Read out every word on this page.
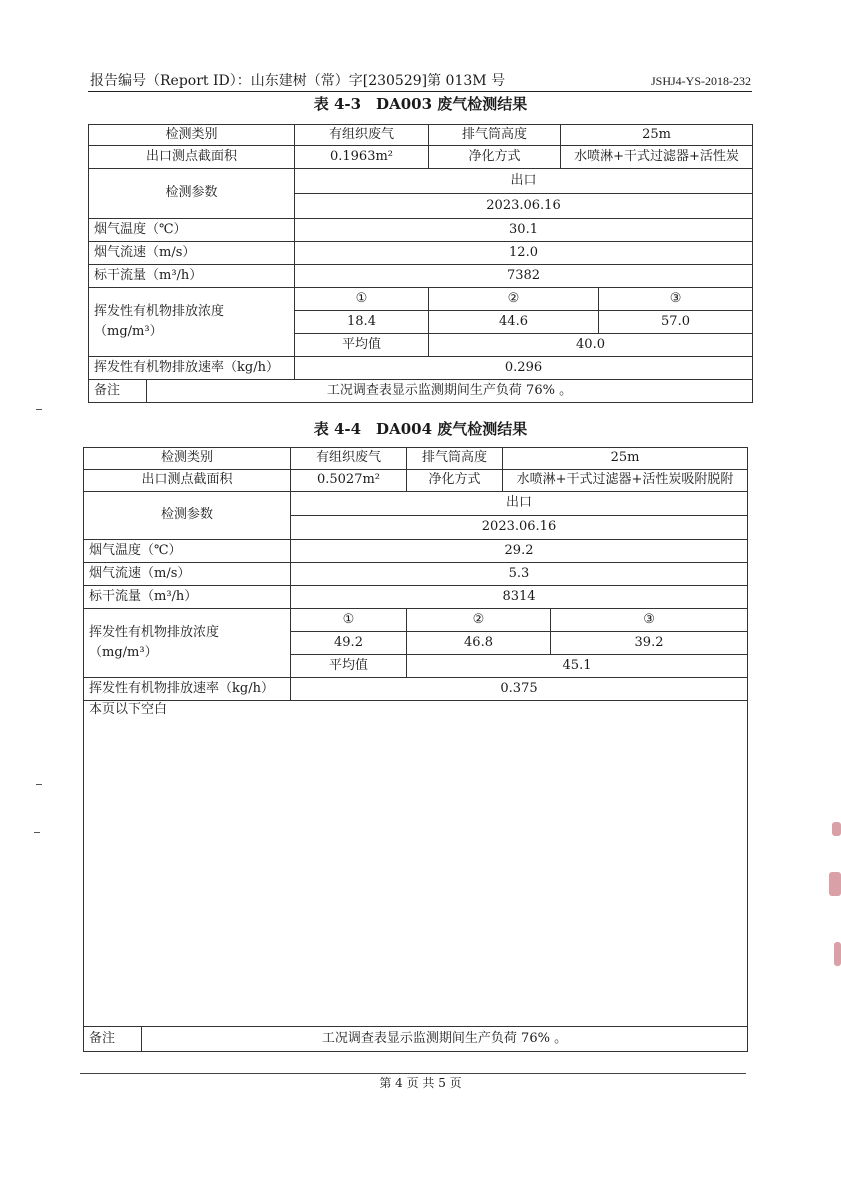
报告编号（Report ID）：山东建树（常）字[230529]第 013M 号	JSHJ4-YS-2018-232
表 4-3　DA003 废气检测结果
检测类别	有组织废气	排气筒高度	25m	
出口测点截面积	0.1963m²	净化方式	水喷淋+干式过滤器+活性炭	
检测参数	出口			
	2023.06.16			
烟气温度（℃）	30.1			
烟气流速（m/s）	12.0			
标干流量（m³/h）	7382			

挥发性有机物排放浓度
（mg/m³）	①	②		③
	18.4	44.6		57.0
	平均值	40.0		
挥发性有机物排放速率（kg/h）	0.296			

备注 工况调查表显示监测期间生产负荷 76% 。				
表 4-4　DA004 废气检测结果
检测类别	有组织废气	排气筒高度	25m	
出口测点截面积	0.5027m²	净化方式	水喷淋+干式过滤器+活性炭吸附脱附	
检测参数	出口			
	2023.06.16			
烟气温度（℃）	29.2			
烟气流速（m/s）	5.3			
标干流量（m³/h）	8314			

挥发性有机物排放浓度
（mg/m³）	①	②		③
	49.2	46.8		39.2
	平均值	45.1		
挥发性有机物排放速率（kg/h）	0.375			
本页以下空白				

备注 工况调查表显示监测期间生产负荷 76% 。				
第 4 页 共 5 页
